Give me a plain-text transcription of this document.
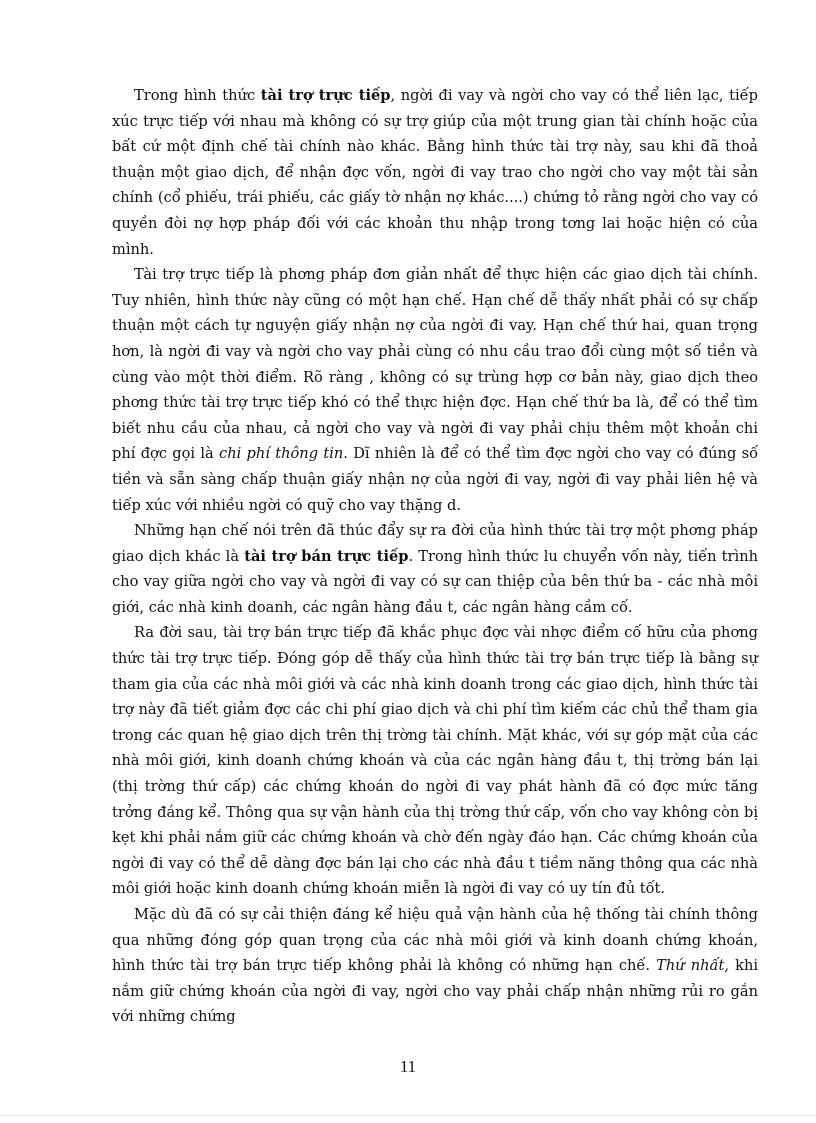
Trong hình thức tài trợ trực tiếp, ngời đi vay và ngời cho vay có thể liên lạc, tiếp xúc trực tiếp với nhau mà không có sự trợ giúp của một trung gian tài chính hoặc của bất cứ một định chế tài chính nào khác. Bằng hình thức tài trợ này, sau khi đã thoả thuận một giao dịch, để nhận đợc vốn, ngời đi vay trao cho ngời cho vay một tài sản chính (cổ phiếu, trái phiếu, các giấy tờ nhận nợ khác....) chứng tỏ rằng ngời cho vay có quyền đòi nợ hợp pháp đối với các khoản thu nhập trong tơng lai hoặc hiện có của mình.

Tài trợ trực tiếp là phơng pháp đơn giản nhất để thực hiện các giao dịch tài chính. Tuy nhiên, hình thức này cũng có một hạn chế. Hạn chế dễ thấy nhất phải có sự chấp thuận một cách tự nguyện giấy nhận nợ của ngời đi vay. Hạn chế thứ hai, quan trọng hơn, là ngời đi vay và ngời cho vay phải cùng có nhu cầu trao đổi cùng một số tiền và cùng vào một thời điểm. Rõ ràng , không có sự trùng hợp cơ bản này, giao dịch theo phơng thức tài trợ trực tiếp khó có thể thực hiện đợc. Hạn chế thứ ba là, để có thể tìm biết nhu cầu của nhau, cả ngời cho vay và ngời đi vay phải chịu thêm một khoản chi phí đợc gọi là chi phí thông tin. Dĩ nhiên là để có thể tìm đợc ngời cho vay có đúng số tiền và sẵn sàng chấp thuận giấy nhận nợ của ngời đi vay, ngời đi vay phải liên hệ và tiếp xúc với nhiều ngời có quỹ cho vay thặng d.

Những hạn chế nói trên đã thúc đẩy sự ra đời của hình thức tài trợ một phơng pháp giao dịch khác là tài trợ bán trực tiếp. Trong hình thức lu chuyển vốn này, tiến trình cho vay giữa ngời cho vay và ngời đi vay có sự can thiệp của bên thứ ba - các nhà môi giới, các nhà kinh doanh, các ngân hàng đầu t, các ngân hàng cầm cố.

Ra đời sau, tài trợ bán trực tiếp đã khắc phục đợc vài nhợc điểm cố hữu của phơng thức tài trợ trực tiếp. Đóng góp dễ thấy của hình thức tài trợ bán trực tiếp là bằng sự tham gia của các nhà môi giới và các nhà kinh doanh trong các giao dịch, hình thức tài trợ này đã tiết giảm đợc các chi phí giao dịch và chi phí tìm kiếm các chủ thể tham gia trong các quan hệ giao dịch trên thị trờng tài chính. Mặt khác, với sự góp mặt của các nhà môi giới, kinh doanh chứng khoán và của các ngân hàng đầu t, thị trờng bán lại (thị trờng thứ cấp) các chứng khoán do ngời đi vay phát hành đã có đợc mức tăng trởng đáng kể. Thông qua sự vận hành của thị trờng thứ cấp, vốn cho vay không còn bị kẹt khi phải nắm giữ các chứng khoán và chờ đến ngày đáo hạn. Các chứng khoán của ngời đi vay có thể dễ dàng đợc bán lại cho các nhà đầu t tiềm năng thông qua các nhà môi giới hoặc kinh doanh chứng khoán miễn là ngời đi vay có uy tín đủ tốt.

Mặc dù đã có sự cải thiện đáng kể hiệu quả vận hành của hệ thống tài chính thông qua những đóng góp quan trọng của các nhà môi giới và kinh doanh chứng khoán, hình thức tài trợ bán trực tiếp không phải là không có những hạn chế. Thứ nhất, khi nắm giữ chứng khoán của ngời đi vay, ngời cho vay phải chấp nhận những rủi ro gắn với những chứng

11
